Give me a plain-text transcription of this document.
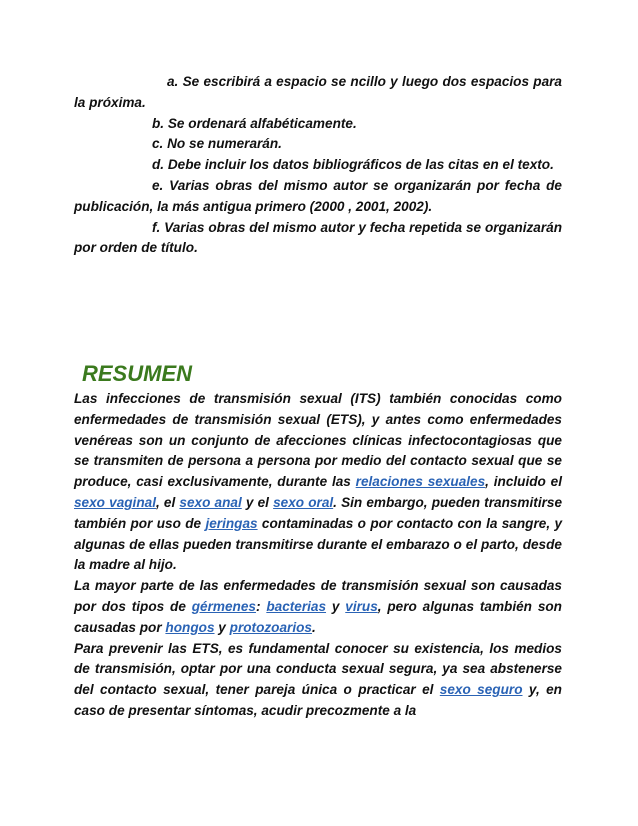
a. Se escribirá a espacio se ncillo y luego dos espacios para la próxima.

b. Se ordenará alfabéticamente.

c. No se numerarán.

d. Debe incluir los datos bibliográficos de las citas en el texto.

e. Varias obras del mismo autor se organizarán por fecha de publicación, la más antigua primero (2000 , 2001, 2002).

f. Varias obras del mismo autor y fecha repetida se organizarán por orden de título.

RESUMEN

Las infecciones de transmisión sexual (ITS) también conocidas como enfermedades de transmisión sexual (ETS), y antes como enfermedades venéreas son un conjunto de afecciones clínicas infectocontagiosas que se transmiten de persona a persona por medio del contacto sexual que se produce, casi exclusivamente, durante las relaciones sexuales, incluido el sexo vaginal, el sexo anal y el sexo oral. Sin embargo, pueden transmitirse también por uso de jeringas contaminadas o por contacto con la sangre, y algunas de ellas pueden transmitirse durante el embarazo o el parto, desde la madre al hijo.

La mayor parte de las enfermedades de transmisión sexual son causadas por dos tipos de gérmenes: bacterias y virus, pero algunas también son causadas por hongos y protozoarios.

Para prevenir las ETS, es fundamental conocer su existencia, los medios de transmisión, optar por una conducta sexual segura, ya sea abstenerse del contacto sexual, tener pareja única o practicar el sexo seguro y, en caso de presentar síntomas, acudir precozmente a la
